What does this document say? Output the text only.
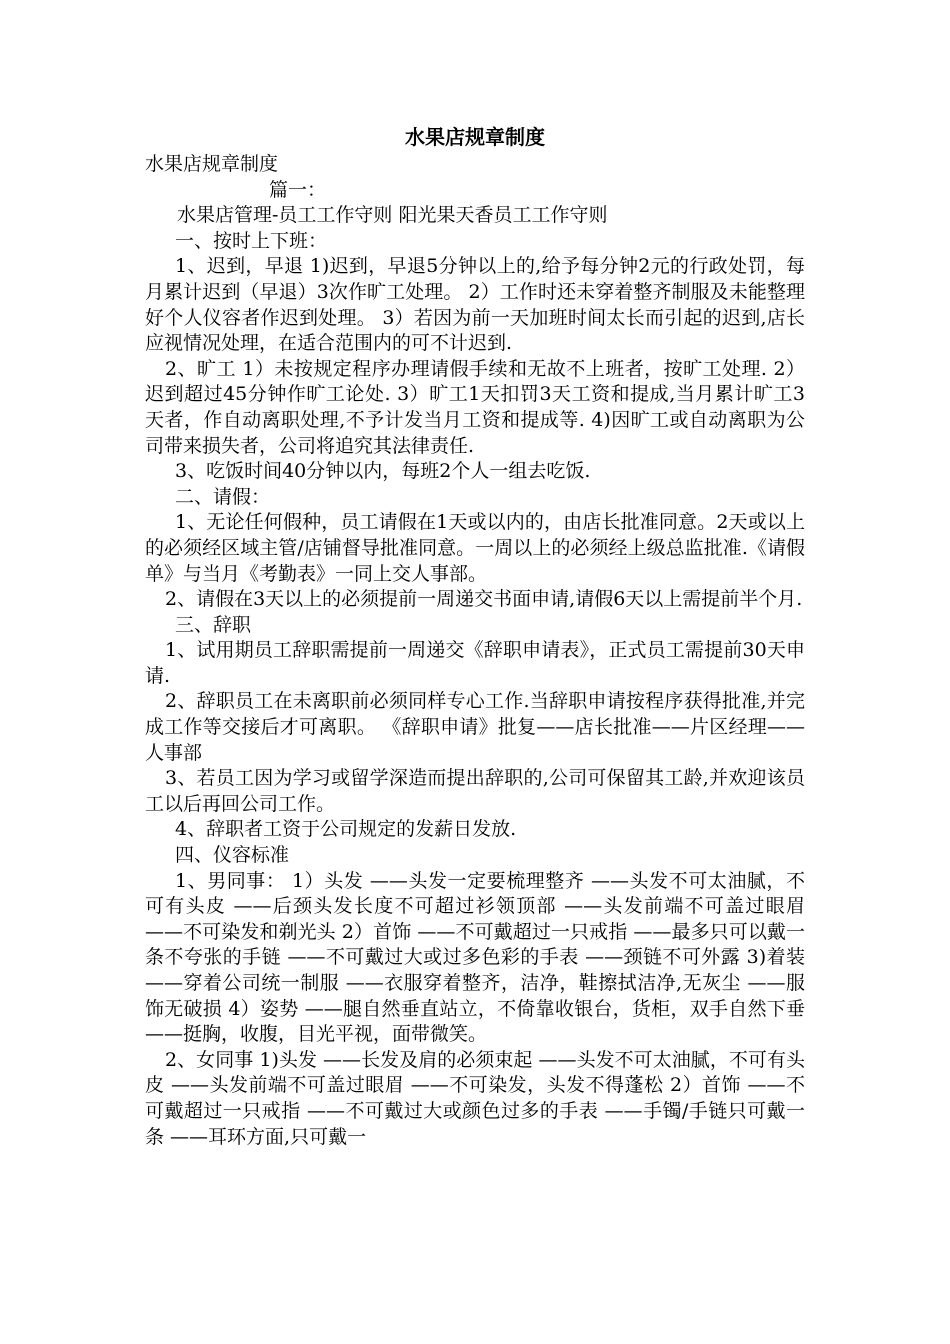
水果店规章制度
水果店规章制度
篇一：
水果店管理-员工工作守则 阳光果天香员工工作守则
一、按时上下班：
1、迟到，早退 1)迟到，早退5分钟以上的,给予每分钟2元的行政处罚，每月累计迟到（早退）3次作旷工处理。 2）工作时还未穿着整齐制服及未能整理好个人仪容者作迟到处理。 3）若因为前一天加班时间太长而引起的迟到,店长应视情况处理，在适合范围内的可不计迟到.
2、旷工 1）未按规定程序办理请假手续和无故不上班者，按旷工处理. 2）迟到超过45分钟作旷工论处. 3）旷工1天扣罚3天工资和提成,当月累计旷工3天者，作自动离职处理,不予计发当月工资和提成等. 4)因旷工或自动离职为公司带来损失者，公司将追究其法律责任.
3、吃饭时间40分钟以内，每班2个人一组去吃饭.
二、请假：
1、无论任何假种，员工请假在1天或以内的，由店长批准同意。2天或以上的必须经区域主管/店铺督导批准同意。一周以上的必须经上级总监批准.《请假单》与当月《考勤表》一同上交人事部。
2、请假在3天以上的必须提前一周递交书面申请,请假6天以上需提前半个月.
三、辞职
1、试用期员工辞职需提前一周递交《辞职申请表》，正式员工需提前30天申请.
2、辞职员工在未离职前必须同样专心工作.当辞职申请按程序获得批准,并完成工作等交接后才可离职。 《辞职申请》批复——店长批准——片区经理——人事部
3、若员工因为学习或留学深造而提出辞职的,公司可保留其工龄,并欢迎该员工以后再回公司工作。
4、辞职者工资于公司规定的发薪日发放.
四、仪容标准
1、男同事： 1）头发 ——头发一定要梳理整齐 ——头发不可太油腻，不可有头皮 ——后颈头发长度不可超过衫领顶部 ——头发前端不可盖过眼眉 ——不可染发和剃光头 2）首饰 ——不可戴超过一只戒指 ——最多只可以戴一条不夸张的手链 ——不可戴过大或过多色彩的手表 ——颈链不可外露 3)着装 ——穿着公司统一制服 ——衣服穿着整齐，洁净，鞋擦拭洁净,无灰尘 ——服饰无破损 4）姿势 ——腿自然垂直站立，不倚靠收银台，货柜，双手自然下垂 ——挺胸，收腹，目光平视，面带微笑。
2、女同事 1)头发 ——长发及肩的必须束起 ——头发不可太油腻，不可有头皮 ——头发前端不可盖过眼眉 ——不可染发，头发不得蓬松 2）首饰 ——不可戴超过一只戒指 ——不可戴过大或颜色过多的手表 ——手镯/手链只可戴一条 ——耳环方面,只可戴一
